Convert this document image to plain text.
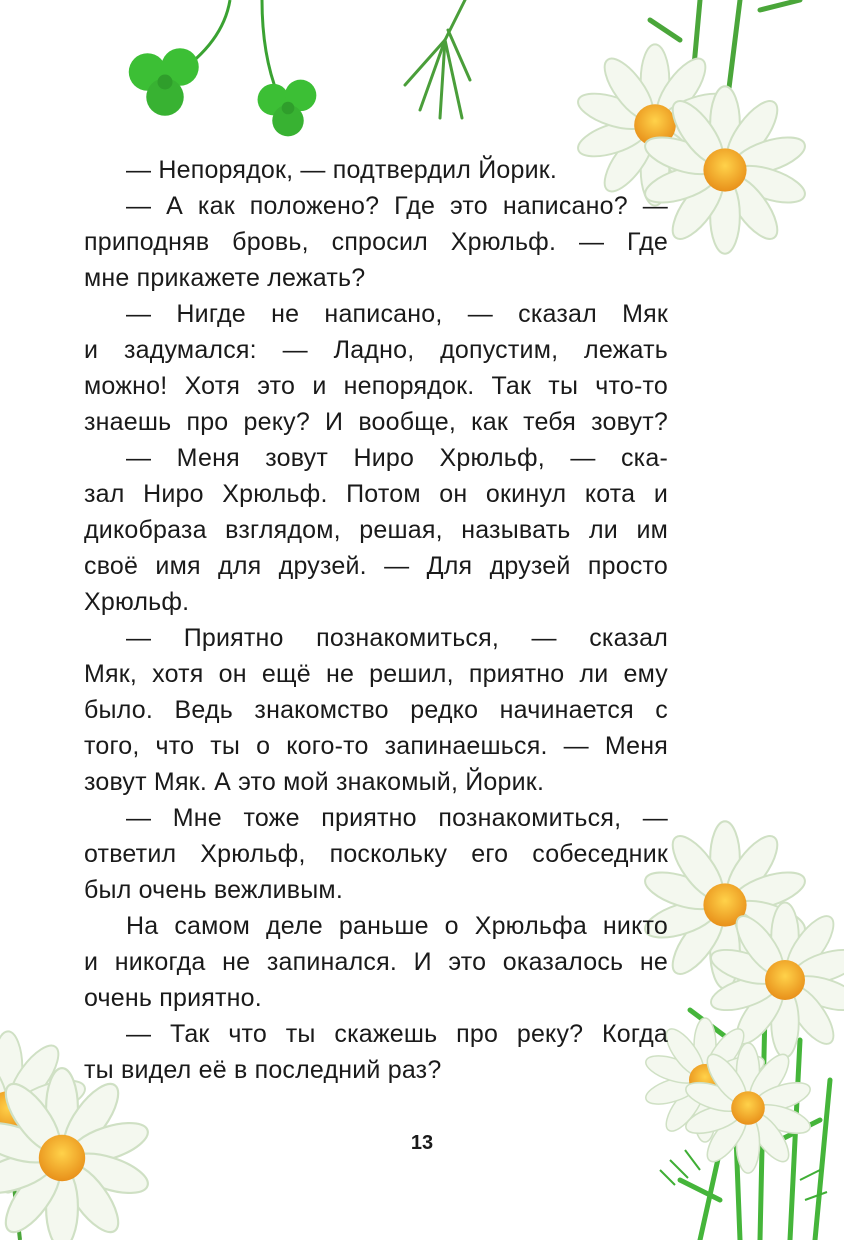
— Непорядок, — подтвердил Йорик.
— А как положено? Где это написано? —
приподняв бровь, спросил Хрюльф. — Где
мне прикажете лежать?
— Нигде не написано, — сказал Мяк
и задумался: — Ладно, допустим, лежать
можно! Хотя это и непорядок. Так ты что-то
знаешь про реку? И вообще, как тебя зовут?
— Меня зовут Ниро Хрюльф, — ска-
зал Ниро Хрюльф. Потом он окинул кота и
дикобраза взглядом, решая, называть ли им
своё имя для друзей. — Для друзей просто
Хрюльф.
— Приятно познакомиться, — сказал
Мяк, хотя он ещё не решил, приятно ли ему
было. Ведь знакомство редко начинается с
того, что ты о кого-то запинаешься. — Меня
зовут Мяк. А это мой знакомый, Йорик.
— Мне тоже приятно познакомиться, —
ответил Хрюльф, поскольку его собеседник
был очень вежливым.
На самом деле раньше о Хрюльфа никто
и никогда не запинался. И это оказалось не
очень приятно.
— Так что ты скажешь про реку? Когда
ты видел её в последний раз?
13
